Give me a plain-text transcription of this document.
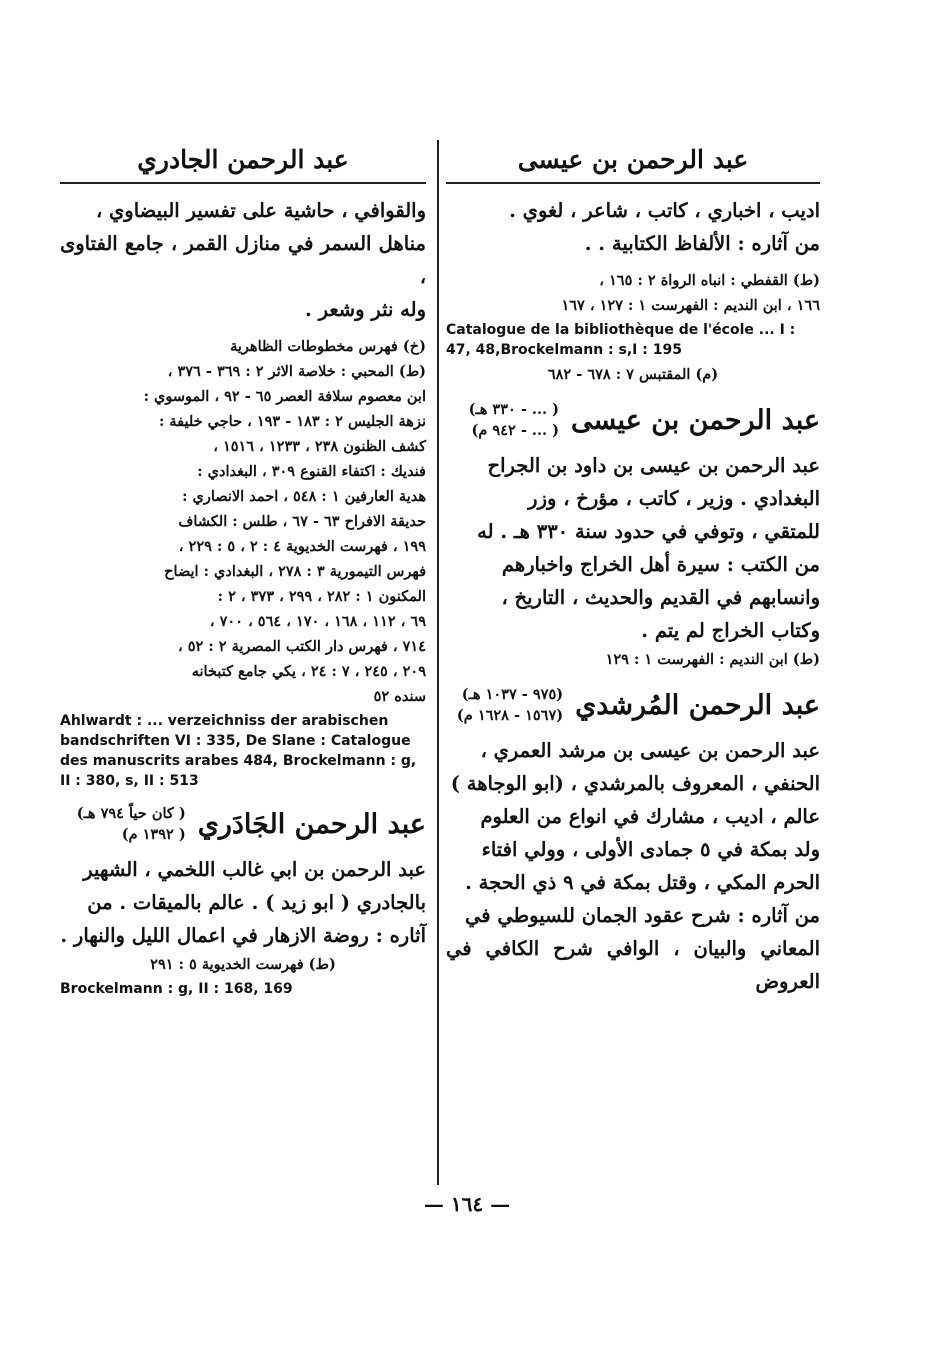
عبد الرحمن بن عيسى

اديب ، اخباري ، كاتب ، شاعر ، لغوي .

من آثاره : الألفاظ الكتابية . .

(ط) القفطي : انباه الرواة ٢ : ١٦٥ ،

١٦٦ ، ابن النديم : الفهرست ١ : ١٢٧ ، ١٦٧

Catalogue de la bibliothèque de l'école ... I : 47, 48,Brockelmann : s,I : 195

(م) المقتبس ٧ : ٦٧٨ - ٦٨٢

عبد الرحمن بن عيسى
( ... - ٣٣٠ هـ)
( ... - ٩٤٢ م)

عبد الرحمن بن عيسى بن داود بن الجراح

البغدادي . وزير ، كاتب ، مؤرخ ، وزر

للمتقي ، وتوفي في حدود سنة ٣٣٠ هـ . له

من الكتب : سيرة أهل الخراج واخبارهم

وانسابهم في القديم والحديث ، التاريخ ،

وكتاب الخراج لم يتم .

(ط) ابن النديم : الفهرست ١ : ١٢٩

عبد الرحمن المُرشدي
(٩٧٥ - ١٠٣٧ هـ)
(١٥٦٧ - ١٦٢٨ م)

عبد الرحمن بن عيسى بن مرشد العمري ،

الحنفي ، المعروف بالمرشدي ، (ابو الوجاهة )

عالم ، اديب ، مشارك في انواع من العلوم

ولد بمكة في ٥ جمادى الأولى ، وولي افتاء

الحرم المكي ، وقتل بمكة في ٩ ذي الحجة .

من آثاره : شرح عقود الجمان للسيوطي في

المعاني والبيان ، الوافي شرح الكافي في العروض

عبد الرحمن الجادري

والقوافي ، حاشية على تفسير البيضاوي ،

مناهل السمر في منازل القمر ، جامع الفتاوى ،

وله نثر وشعر .

(خ) فهرس مخطوطات الظاهرية

(ط) المحبي : خلاصة الاثر ٢ : ٣٦٩ - ٣٧٦ ،

ابن معصوم سلافة العصر ٦٥ - ٩٢ ، الموسوي :

نزهة الجليس ٢ : ١٨٣ - ١٩٣ ، حاجي خليفة :

كشف الظنون ٢٣٨ ، ١٢٣٣ ، ١٥١٦ ،

فنديك : اكتفاء القنوع ٣٠٩ ، البغدادي :

هدية العارفين ١ : ٥٤٨ ، احمد الانصاري :

حديقة الافراح ٦٣ - ٦٧ ، طلس : الكشاف

١٩٩ ، فهرست الخديوية ٤ : ٢ ، ٥ : ٢٢٩ ،

فهرس التيمورية ٣ : ٢٧٨ ، البغدادي : ايضاح

المكنون ١ : ٢٨٢ ، ٢٩٩ ، ٣٧٣ ، ٢ :

٦٩ ، ١١٢ ، ١٦٨ ، ١٧٠ ، ٥٦٤ ، ٧٠٠ ،

٧١٤ ، فهرس دار الكتب المصرية ٢ : ٥٢ ،

٢٠٩ ، ٢٤٥ ، ٧ : ٢٤ ، يكي جامع كتبخانه

سنده ٥٢

Ahlwardt : ... verzeichniss der arabischen bandschriften VI : 335, De Slane : Catalogue des manuscrits arabes 484, Brockelmann : g, II : 380, s, II : 513

عبد الرحمن الجَادَري
( كان حياً ٧٩٤ هـ)
( ١٣٩٢ م)

عبد الرحمن بن ابي غالب اللخمي ، الشهير

بالجادري ( ابو زيد ) . عالم بالميقات . من

آثاره : روضة الازهار في اعمال الليل والنهار .

(ط) فهرست الخديوية ٥ : ٢٩١

Brockelmann : g, II : 168, 169

— ١٦٤ —
